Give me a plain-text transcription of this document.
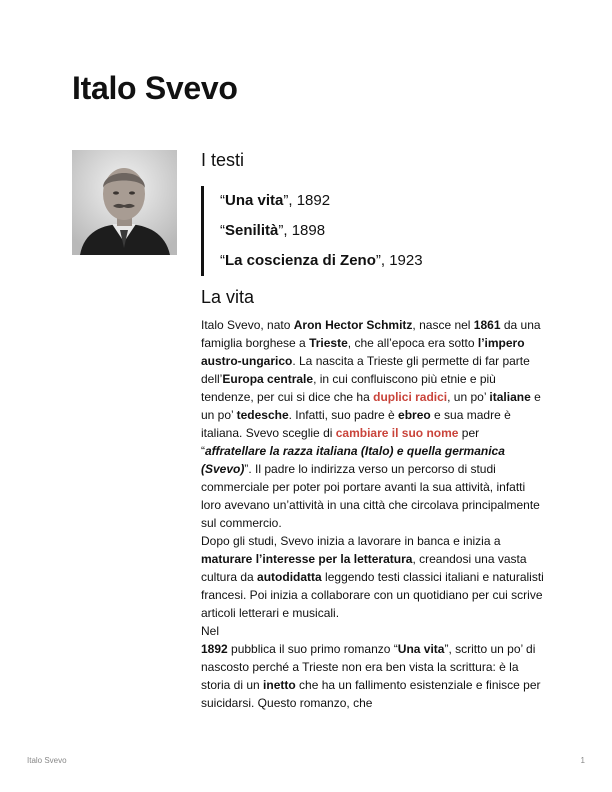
Italo Svevo
I testi
“Una vita”, 1892
“Senilità”, 1898
“La coscienza di Zeno”, 1923
La vita

Italo Svevo, nato Aron Hector Schmitz, nasce nel 1861 da una famiglia borghese a Trieste, che all’epoca era sotto l’impero austro-ungarico. La nascita a Trieste gli permette di far parte dell’Europa centrale, in cui confluiscono più etnie e più tendenze, per cui si dice che ha duplici radici, un po’ italiane e un po’ tedesche. Infatti, suo padre è ebreo e sua madre è italiana. Svevo sceglie di cambiare il suo nome per “affratellare la razza italiana (Italo) e quella germanica (Svevo)”. Il padre lo indirizza verso un percorso di studi commerciale per poter poi portare avanti la sua attività, infatti loro avevano un’attività in una città che circolava principalmente sul commercio.

Dopo gli studi, Svevo inizia a lavorare in banca e inizia a maturare l’interesse per la letteratura, creandosi una vasta cultura da autodidatta leggendo testi classici italiani e naturalisti francesi. Poi inizia a collaborare con un quotidiano per cui scrive articoli letterari e musicali.

Nel

1892 pubblica il suo primo romanzo “Una vita”, scritto un po’ di nascosto perché a Trieste non era ben vista la scrittura: è la storia di un inetto che ha un fallimento esistenziale e finisce per suicidarsi. Questo romanzo, che

Italo Svevo	1
